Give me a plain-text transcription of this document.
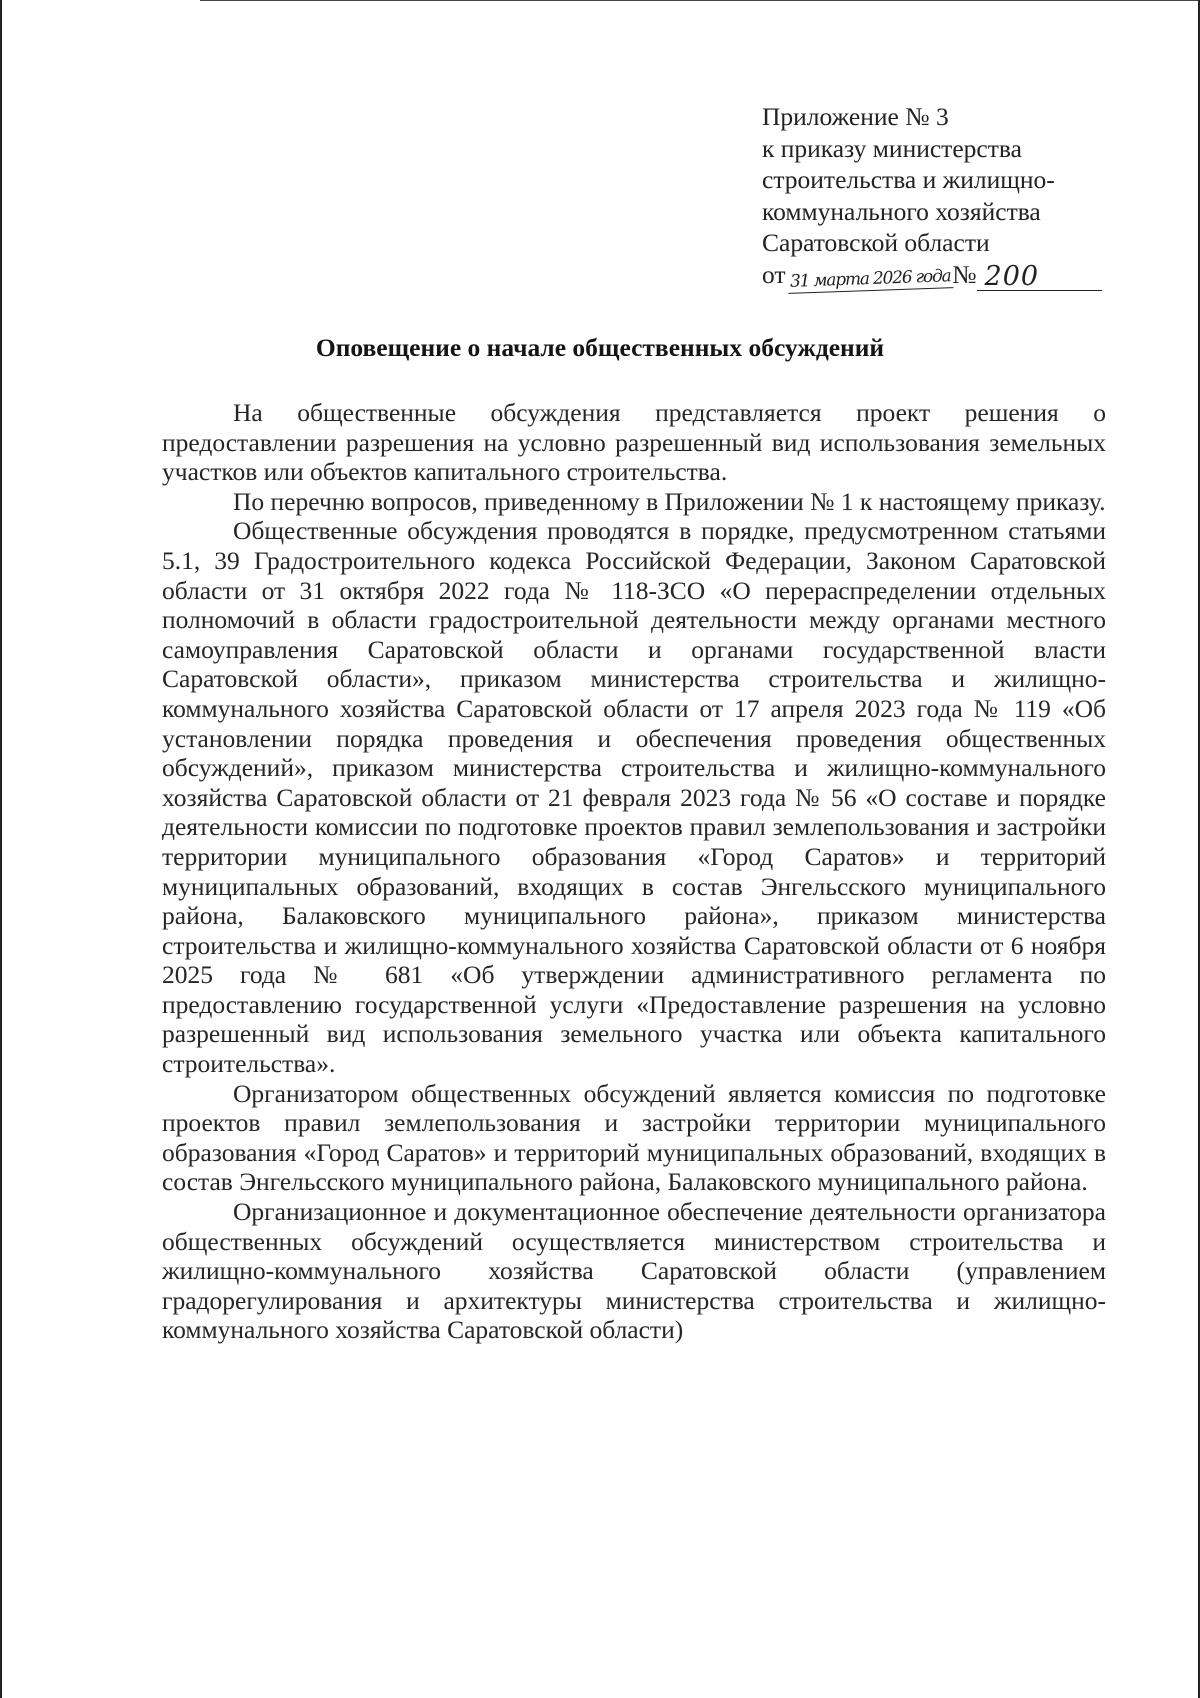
Приложение № 3
к приказу министерства
строительства и жилищно-
коммунального хозяйства
Саратовской области
от 31 марта 2026 года № 200
Оповещение о начале общественных обсуждений

На общественные обсуждения представляется проект решения о предоставлении разрешения на условно разрешенный вид использования земельных участков или объектов капитального строительства.

По перечню вопросов, приведенному в Приложении № 1 к настоящему приказу.

Общественные обсуждения проводятся в порядке, предусмотренном статьями 5.1, 39 Градостроительного кодекса Российской Федерации, Законом Саратовской области от 31 октября 2022 года № 118-ЗСО «О перераспределении отдельных полномочий в области градостроительной деятельности между органами местного самоуправления Саратовской области и органами государственной власти Саратовской области», приказом министерства строительства и жилищно-коммунального хозяйства Саратовской области от 17 апреля 2023 года № 119 «Об установлении порядка проведения и обеспечения проведения общественных обсуждений», приказом министерства строительства и жилищно-коммунального хозяйства Саратовской области от 21 февраля 2023 года № 56 «О составе и порядке деятельности комиссии по подготовке проектов правил землепользования и застройки территории муниципального образования «Город Саратов» и территорий муниципальных образований, входящих в состав Энгельсского муниципального района, Балаковского муниципального района», приказом министерства строительства и жилищно-коммунального хозяйства Саратовской области от 6 ноября 2025 года № 681 «Об утверждении административного регламента по предоставлению государственной услуги «Предоставление разрешения на условно разрешенный вид использования земельного участка или объекта капитального строительства».

Организатором общественных обсуждений является комиссия по подготовке проектов правил землепользования и застройки территории муниципального образования «Город Саратов» и территорий муниципальных образований, входящих в состав Энгельсского муниципального района, Балаковского муниципального района.

Организационное и документационное обеспечение деятельности организатора общественных обсуждений осуществляется министерством строительства и жилищно-коммунального хозяйства Саратовской области (управлением градорегулирования и архитектуры министерства строительства и жилищно-коммунального хозяйства Саратовской области)
